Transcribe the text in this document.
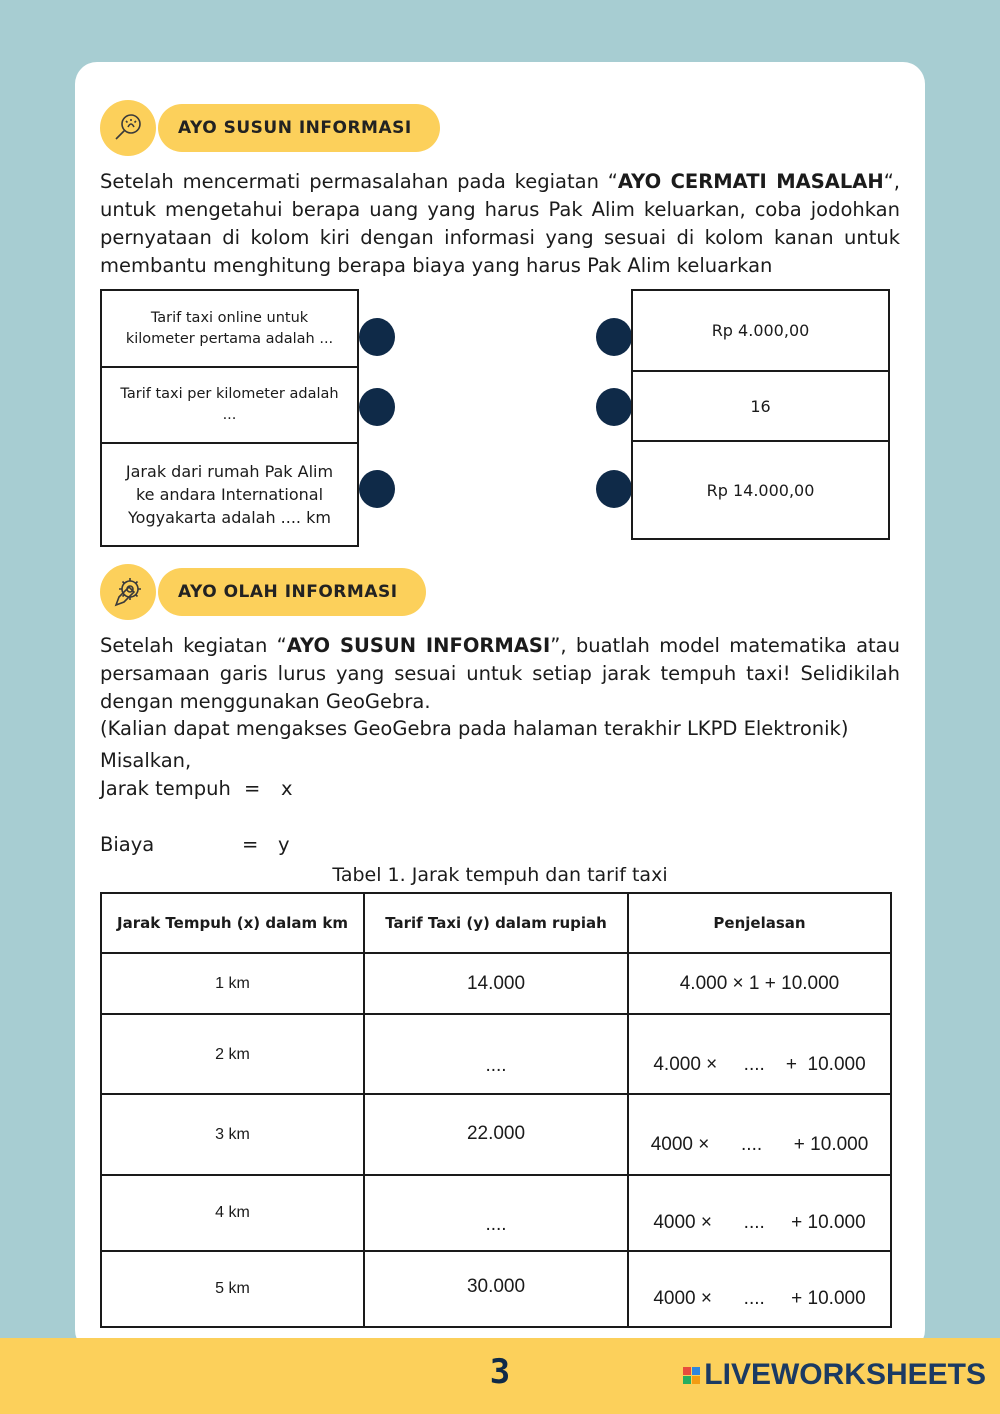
AYO SUSUN INFORMASI

Setelah mencermati permasalahan pada kegiatan “AYO CERMATI MASALAH“, untuk mengetahui berapa uang yang harus Pak Alim keluarkan, coba jodohkan pernyataan di kolom kiri dengan informasi yang sesuai di kolom kanan untuk membantu menghitung berapa biaya yang harus Pak Alim keluarkan

Tarif taxi online untuk kilometer pertama adalah ...
Tarif taxi per kilometer adalah ...
Jarak dari rumah Pak Alim ke andara International Yogyakarta adalah .... km
Rp 4.000,00
16
Rp 14.000,00
AYO OLAH INFORMASI

Setelah kegiatan “AYO SUSUN INFORMASI”, buatlah model matematika atau persamaan garis lurus yang sesuai untuk setiap jarak tempuh taxi! Selidikilah dengan menggunakan GeoGebra.

(Kalian dapat mengakses GeoGebra pada halaman terakhir LKPD Elektronik)
Misalkan,
Jarak tempuh = x
Biaya	= y
Tabel 1. Jarak tempuh dan tarif taxi
Jarak Tempuh (x) dalam km	Tarif Taxi (y) dalam rupiah	Penjelasan
1 km	14.000	4.000 × 1 + 10.000
2 km	....	4.000 ×     ....    +  10.000
3 km	22.000	4000 ×      ....      + 10.000
4 km	....	4000 ×      ....     + 10.000
5 km	30.000	4000 ×      ....     + 10.000
3	LIVEWORKSHEETS
